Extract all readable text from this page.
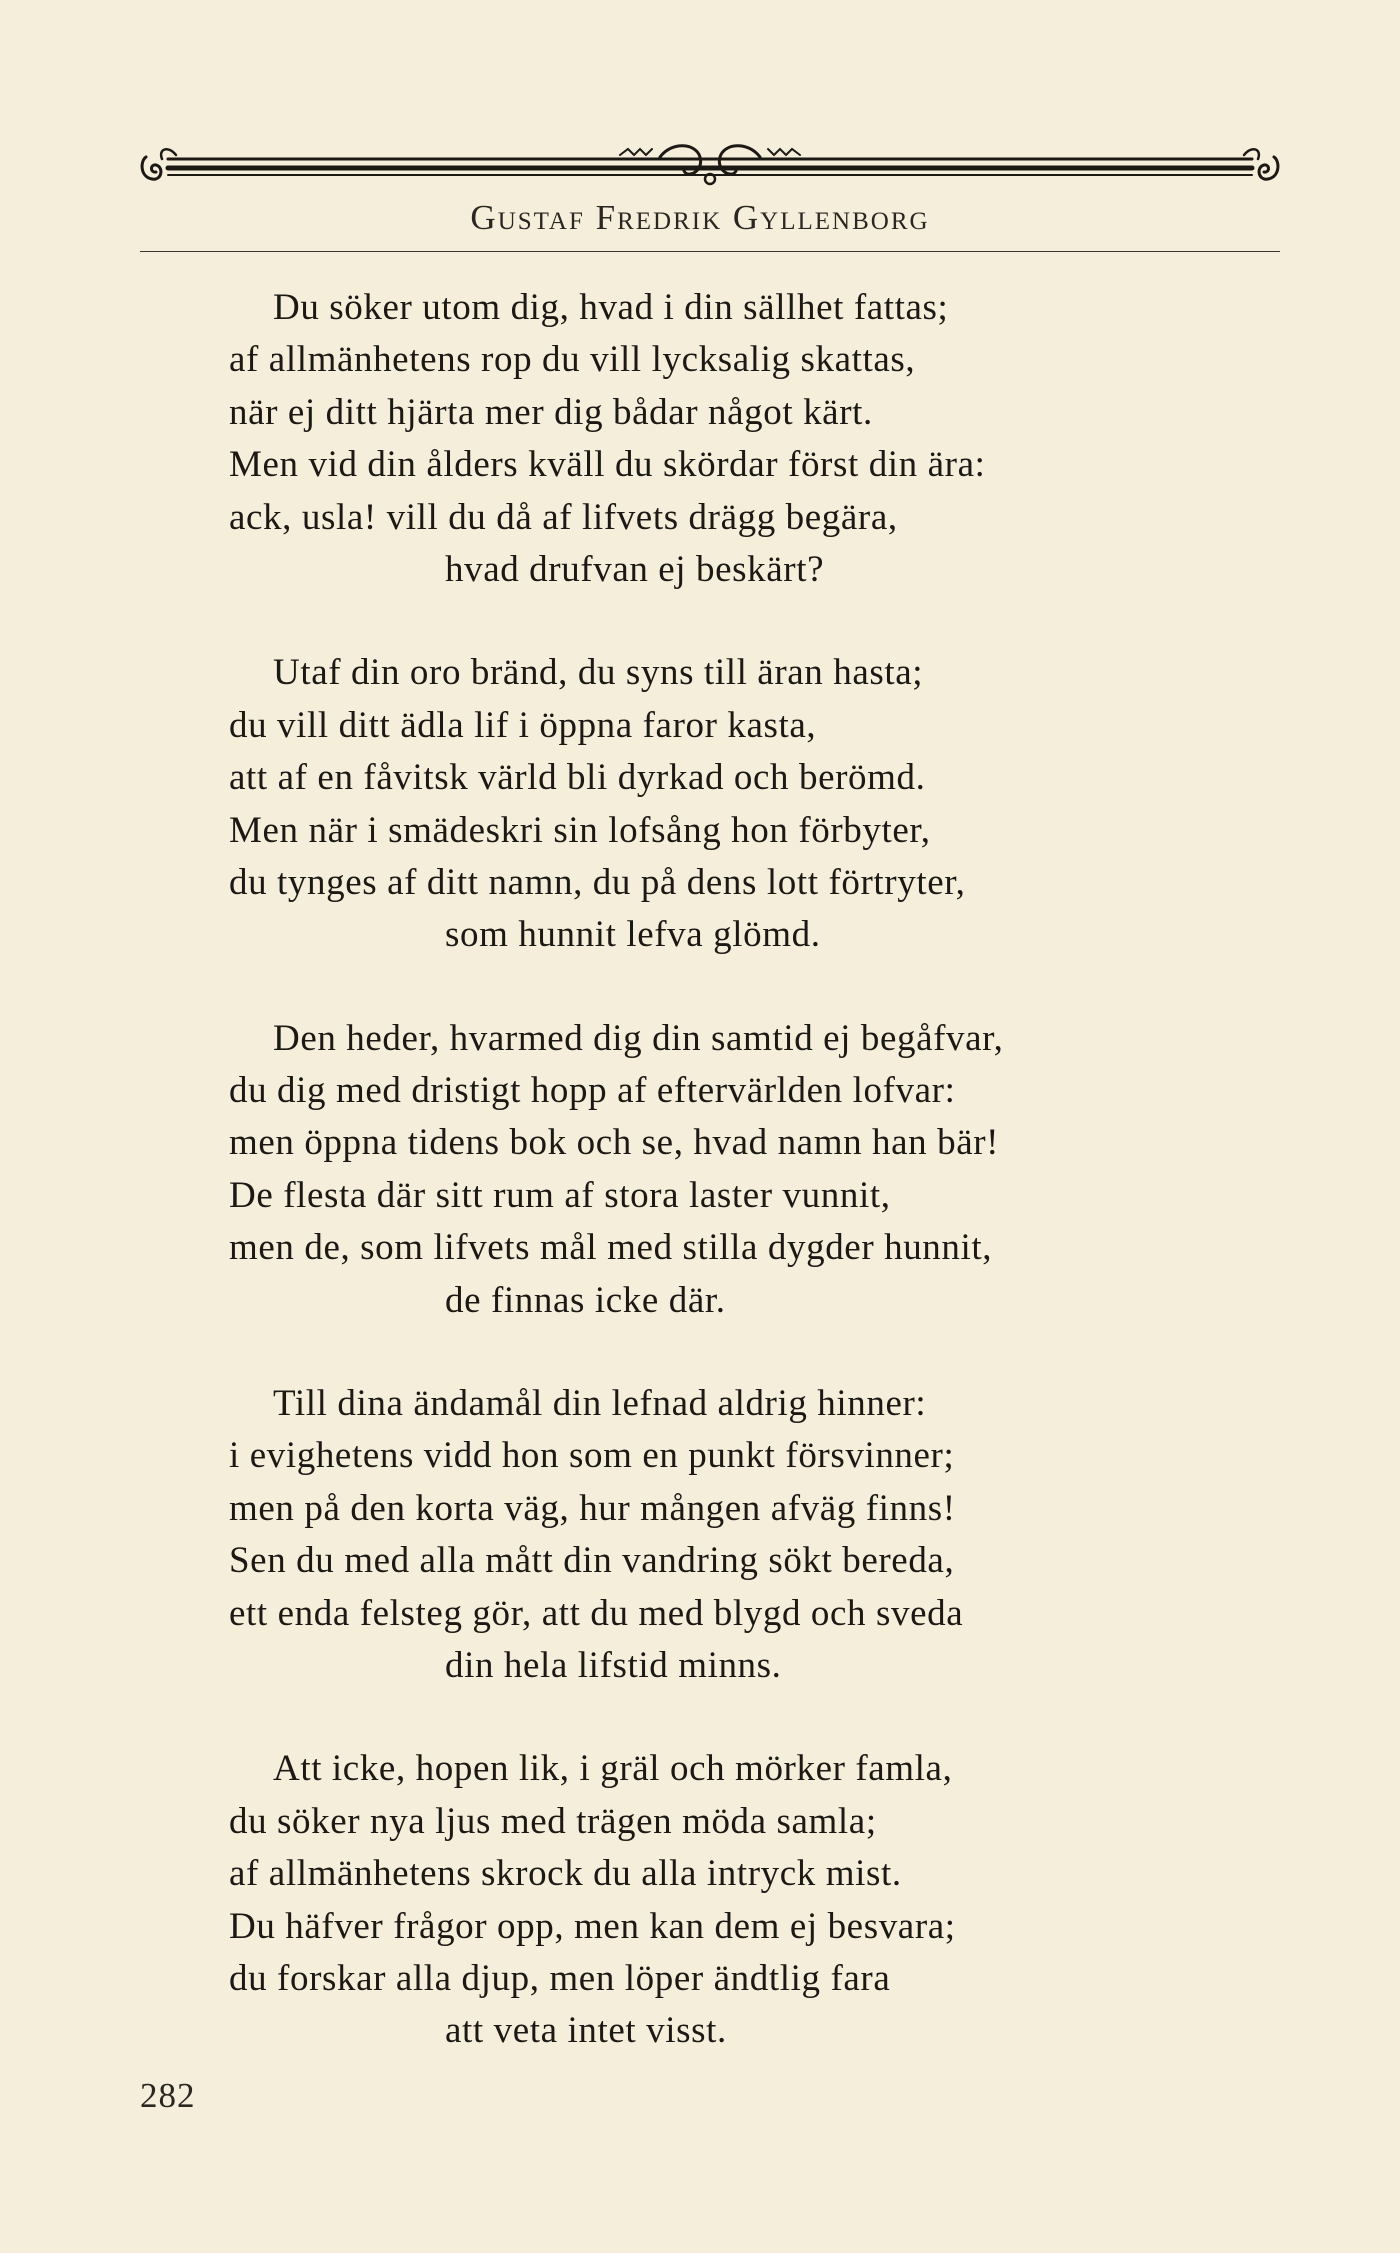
Gustaf Fredrik Gyllenborg
Du söker utom dig, hvad i din sällhet fattas;
af allmänhetens rop du vill lycksalig skattas,
när ej ditt hjärta mer dig bådar något kärt.
Men vid din ålders kväll du skördar först din ära:
ack, usla! vill du då af lifvets drägg begära,
hvad drufvan ej beskärt?
Utaf din oro bränd, du syns till äran hasta;
du vill ditt ädla lif i öppna faror kasta,
att af en fåvitsk värld bli dyrkad och berömd.
Men när i smädeskri sin lofsång hon förbyter,
du tynges af ditt namn, du på dens lott förtryter,
som hunnit lefva glömd.
Den heder, hvarmed dig din samtid ej begåfvar,
du dig med dristigt hopp af eftervärlden lofvar:
men öppna tidens bok och se, hvad namn han bär!
De flesta där sitt rum af stora laster vunnit,
men de, som lifvets mål med stilla dygder hunnit,
de finnas icke där.
Till dina ändamål din lefnad aldrig hinner:
i evighetens vidd hon som en punkt försvinner;
men på den korta väg, hur mången afväg finns!
Sen du med alla mått din vandring sökt bereda,
ett enda felsteg gör, att du med blygd och sveda
din hela lifstid minns.
Att icke, hopen lik, i gräl och mörker famla,
du söker nya ljus med trägen möda samla;
af allmänhetens skrock du alla intryck mist.
Du häfver frågor opp, men kan dem ej besvara;
du forskar alla djup, men löper ändtlig fara
att veta intet visst.
282
